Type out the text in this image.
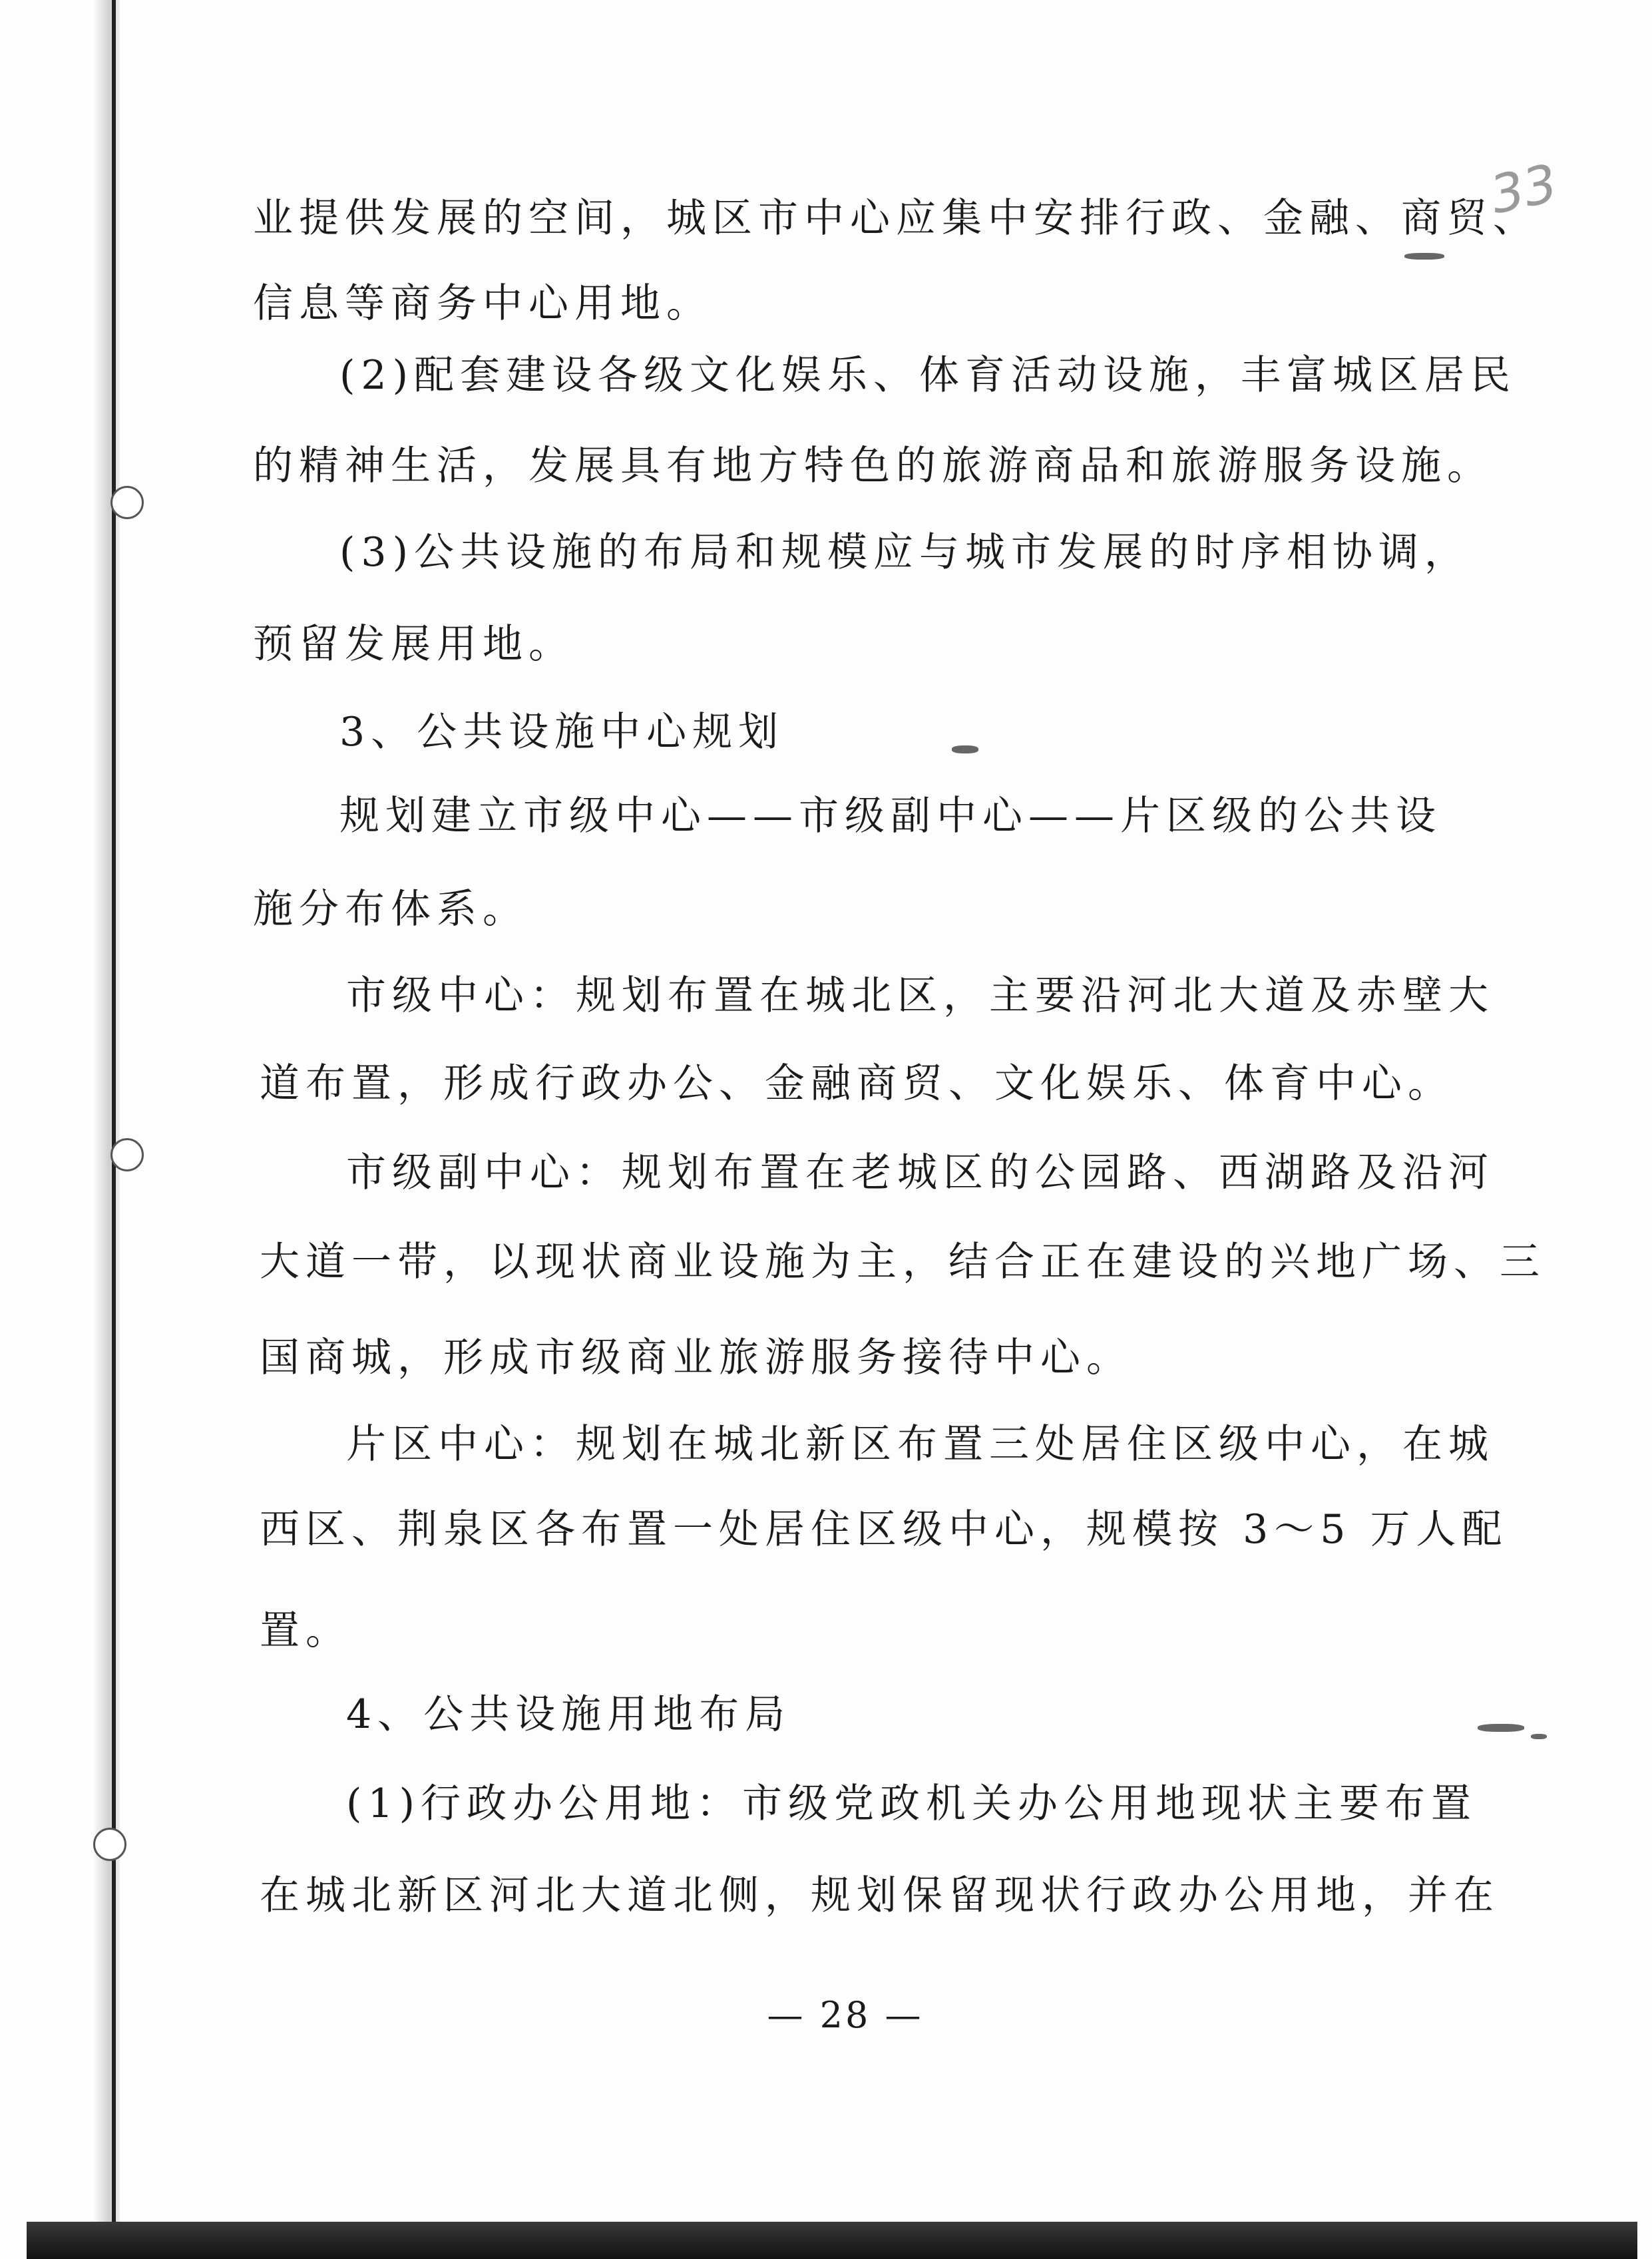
33
业提供发展的空间，城区市中心应集中安排行政、金融、商贸、
信息等商务中心用地。
(2)配套建设各级文化娱乐、体育活动设施，丰富城区居民
的精神生活，发展具有地方特色的旅游商品和旅游服务设施。
(3)公共设施的布局和规模应与城市发展的时序相协调，
预留发展用地。
3、公共设施中心规划
规划建立市级中心——市级副中心——片区级的公共设
施分布体系。
市级中心：规划布置在城北区，主要沿河北大道及赤壁大
道布置，形成行政办公、金融商贸、文化娱乐、体育中心。
市级副中心：规划布置在老城区的公园路、西湖路及沿河
大道一带，以现状商业设施为主，结合正在建设的兴地广场、三
国商城，形成市级商业旅游服务接待中心。
片区中心：规划在城北新区布置三处居住区级中心，在城
西区、荆泉区各布置一处居住区级中心，规模按 3～5 万人配
置。
4、公共设施用地布局
(1)行政办公用地：市级党政机关办公用地现状主要布置
在城北新区河北大道北侧，规划保留现状行政办公用地，并在
— 28 —
